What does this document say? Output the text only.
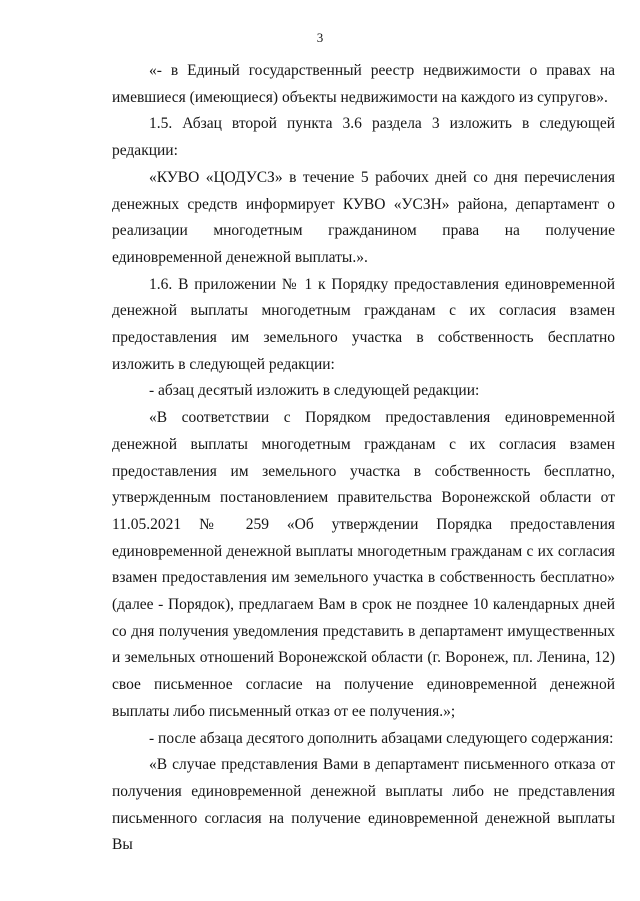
3

«- в Единый государственный реестр недвижимости о правах на имевшиеся (имеющиеся) объекты недвижимости на каждого из супругов».

1.5. Абзац второй пункта 3.6 раздела 3 изложить в следующей редакции:

«КУВО «ЦОДУСЗ» в течение 5 рабочих дней со дня перечисления денежных средств информирует КУВО «УСЗН» района, департамент о реализации многодетным гражданином права на получение единовременной денежной выплаты.».

1.6. В приложении № 1 к Порядку предоставления единовременной денежной выплаты многодетным гражданам с их согласия взамен предоставления им земельного участка в собственность бесплатно изложить в следующей редакции:

- абзац десятый изложить в следующей редакции:

«В соответствии с Порядком предоставления единовременной денежной выплаты многодетным гражданам с их согласия взамен предоставления им земельного участка в собственность бесплатно, утвержденным постановлением правительства Воронежской области от 11.05.2021 № 259 «Об утверждении Порядка предоставления единовременной денежной выплаты многодетным гражданам с их согласия взамен предоставления им земельного участка в собственность бесплатно» (далее - Порядок), предлагаем Вам в срок не позднее 10 календарных дней со дня получения уведомления представить в департамент имущественных и земельных отношений Воронежской области (г. Воронеж, пл. Ленина, 12) свое письменное согласие на получение единовременной денежной выплаты либо письменный отказ от ее получения.»;

- после абзаца десятого дополнить абзацами следующего содержания:

«В случае представления Вами в департамент письменного отказа от получения единовременной денежной выплаты либо не представления письменного согласия на получение единовременной денежной выплаты Вы
